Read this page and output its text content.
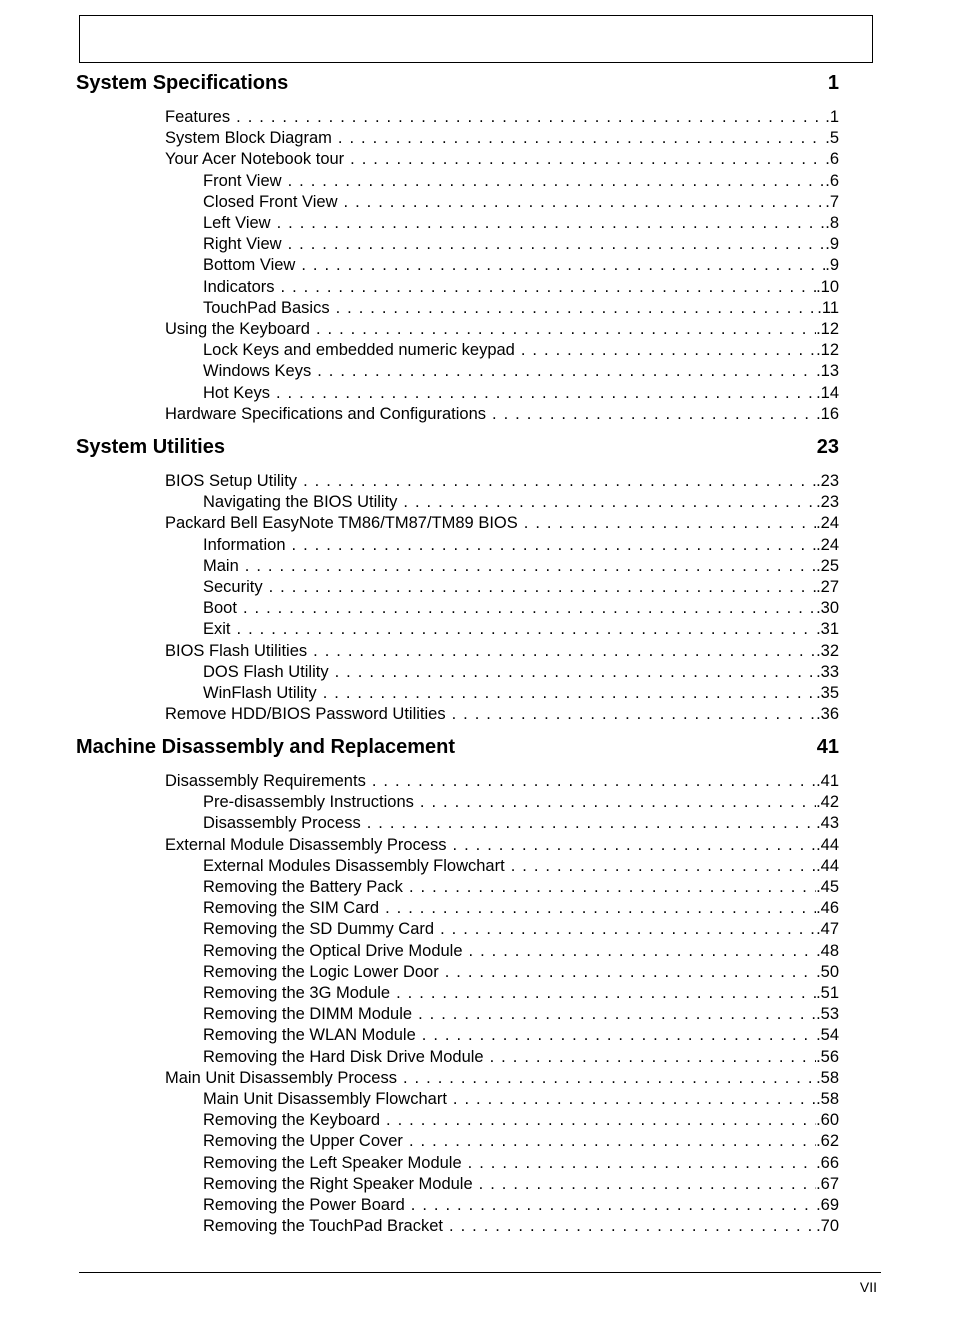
System Specifications	1
Features . . .	.1
System Block Diagram . . .	.5
Your Acer Notebook tour . . .	.6
Front View . . .	.6
Closed Front View . . .	.7
Left View . . .	.8
Right View . . .	.9
Bottom View . . .	.9
Indicators . . .	.10
TouchPad Basics . . .	.11
Using the Keyboard . . .	.12
Lock Keys and embedded numeric keypad . . .	.12
Windows Keys . . .	.13
Hot Keys . . .	.14
Hardware Specifications and Configurations . . .	.16
System Utilities	23
BIOS Setup Utility . . .	.23
Navigating the BIOS Utility . . .	.23
Packard Bell EasyNote TM86/TM87/TM89 BIOS . . .	.24
Information . . .	.24
Main . . .	.25
Security . . .	.27
Boot . . .	.30
Exit . . .	.31
BIOS Flash Utilities . . .	.32
DOS Flash Utility . . .	.33
WinFlash Utility . . .	.35
Remove HDD/BIOS Password Utilities . . .	.36
Machine Disassembly and Replacement	41
Disassembly Requirements . . .	.41
Pre-disassembly Instructions . . .	.42
Disassembly Process . . .	.43
External Module Disassembly Process . . .	.44
External Modules Disassembly Flowchart . . .	.44
Removing the Battery Pack . . .	.45
Removing the SIM Card . . .	.46
Removing the SD Dummy Card . . .	.47
Removing the Optical Drive Module . . .	.48
Removing the Logic Lower Door . . .	.50
Removing the 3G Module . . .	.51
Removing the DIMM Module . . .	.53
Removing the WLAN Module . . .	.54
Removing the Hard Disk Drive Module . . .	.56
Main Unit Disassembly Process . . .	.58
Main Unit Disassembly Flowchart . . .	.58
Removing the Keyboard . . .	.60
Removing the Upper Cover . . .	.62
Removing the Left Speaker Module . . .	.66
Removing the Right Speaker Module . . .	.67
Removing the Power Board . . .	.69
Removing the TouchPad Bracket . . .	.70
VII
